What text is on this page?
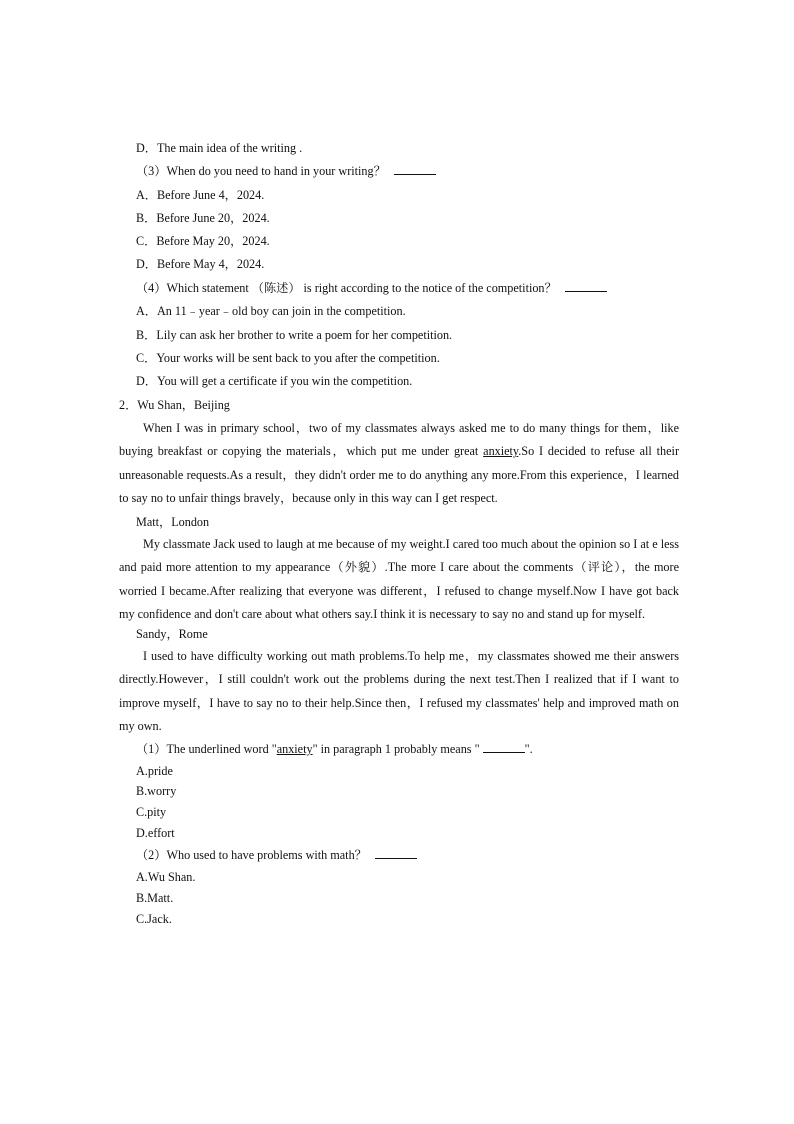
D．The main idea of the writing .
（3）When do you need to hand in your writing？
A．Before June 4，2024.
B．Before June 20，2024.
C．Before May 20，2024.
D．Before May 4，2024.
（4）Which statement （陈述） is right according to the notice of the competition？
A．An 11﹣year﹣old boy can join in the competition.
B．Lily can ask her brother to write a poem for her competition.
C．Your works will be sent back to you after the competition.
D．You will get a certificate if you win the competition.
2．Wu Shan，Beijing
When I was in primary school，two of my classmates always asked me to do many things for them，like buying breakfast or copying the materials，which put me under great anxiety.So I decided to refuse all their unreasonable requests.As a result，they didn't order me to do anything any more.From this experience，I learned to say no to unfair things bravely，because only in this way can I get respect.
Matt，London
My classmate Jack used to laugh at me because of my weight.I cared too much about the opinion so I at e less and paid more attention to my appearance（外貌）.The more I care about the comments（评论），the more worried I became.After realizing that everyone was different，I refused to change myself.Now I have got back my confidence and don't care about what others say.I think it is necessary to say no and stand up for myself.
Sandy，Rome
I used to have difficulty working out math problems.To help me，my classmates showed me their answers directly.However，I still couldn't work out the problems during the next test.Then I realized that if I want to improve myself，I have to say no to their help.Since then，I refused my classmates' help and improved math on my own.
（1）The underlined word "anxiety" in paragraph 1 probably means "	".
A.pride
B.worry
C.pity
D.effort
（2）Who used to have problems with math？
A.Wu Shan.
B.Matt.
C.Jack.
